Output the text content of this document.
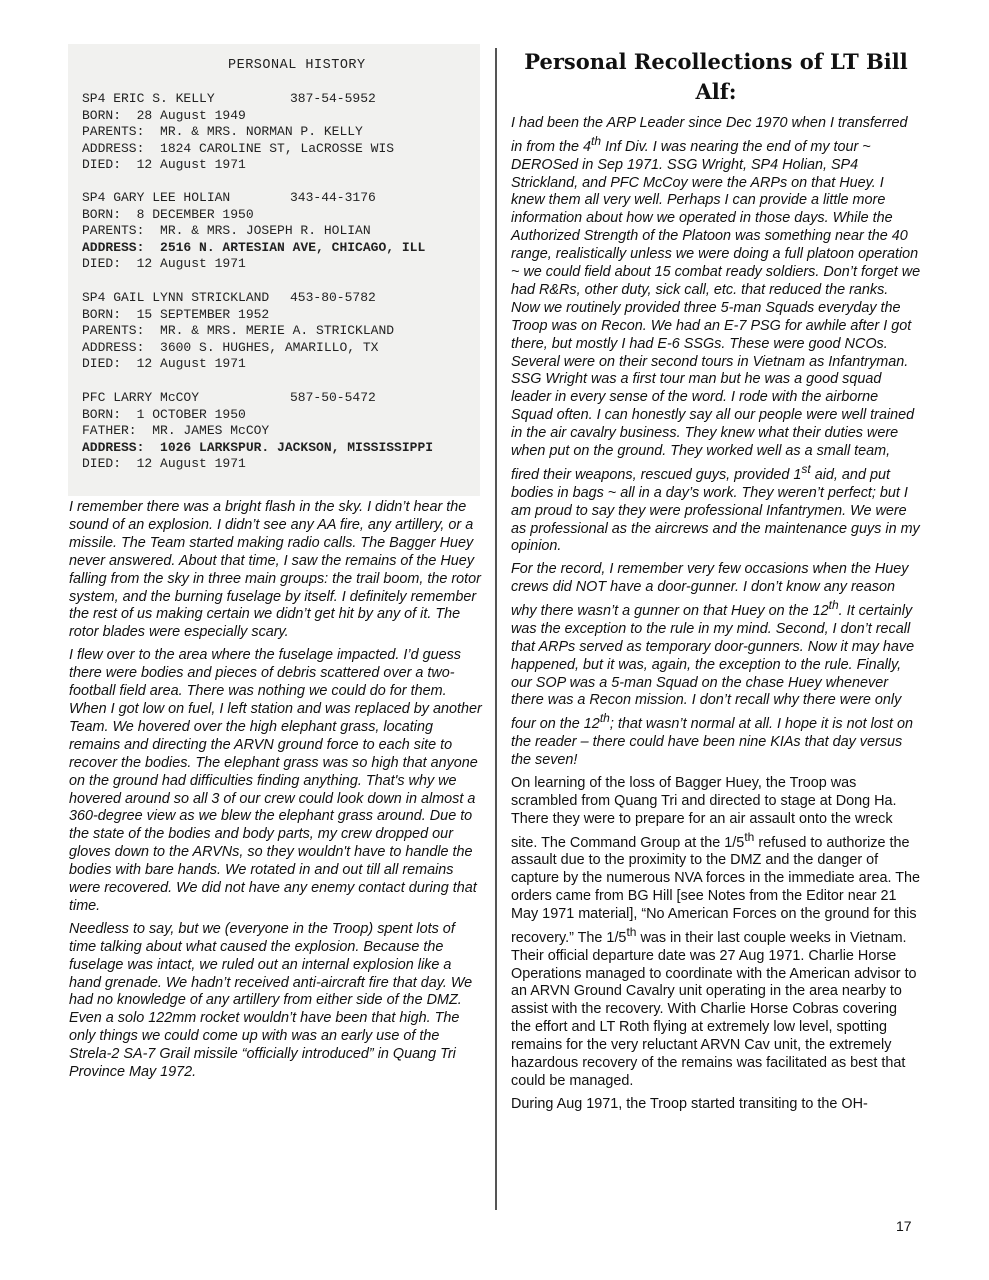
PERSONAL HISTORY
SP4 ERIC S. KELLY	387-54-5952
BORN:  28 August 1949
PARENTS:  MR. & MRS. NORMAN P. KELLY
ADDRESS:  1824 CAROLINE ST, LaCROSSE WIS
DIED:  12 August 1971
SP4 GARY LEE HOLIAN	343-44-3176
BORN:  8 DECEMBER 1950
PARENTS:  MR. & MRS. JOSEPH R. HOLIAN
ADDRESS:  2516 N. ARTESIAN AVE, CHICAGO, ILL
DIED:  12 August 1971
SP4 GAIL LYNN STRICKLAND 453-80-5782
BORN:  15 SEPTEMBER 1952
PARENTS:  MR. & MRS. MERIE A. STRICKLAND
ADDRESS:  3600 S. HUGHES, AMARILLO, TX
DIED:  12 August 1971
PFC LARRY McCOY	587-50-5472
BORN:  1 OCTOBER 1950
FATHER:  MR. JAMES McCOY
ADDRESS:  1026 LARKSPUR. JACKSON, MISSISSIPPI
DIED:  12 August 1971

I remember there was a bright flash in the sky. I didn’t hear the sound of an explosion. I didn’t see any AA fire, any artillery, or a missile. The Team started making radio calls. The Bagger Huey never answered. About that time, I saw the remains of the Huey falling from the sky in three main groups: the trail boom, the rotor system, and the burning fuselage by itself. I definitely remember the rest of us making certain we didn’t get hit by any of it. The rotor blades were especially scary.

I flew over to the area where the fuselage impacted. I’d guess there were bodies and pieces of debris scattered over a two-football field area. There was nothing we could do for them. When I got low on fuel, I left station and was replaced by another Team. We hovered over the high elephant grass, locating remains and directing the ARVN ground force to each site to recover the bodies. The elephant grass was so high that anyone on the ground had difficulties finding anything. That's why we hovered around so all 3 of our crew could look down in almost a 360-degree view as we blew the elephant grass around. Due to the state of the bodies and body parts, my crew dropped our gloves down to the ARVNs, so they wouldn't have to handle the bodies with bare hands. We rotated in and out till all remains were recovered. We did not have any enemy contact during that time.

Needless to say, but we (everyone in the Troop) spent lots of time talking about what caused the explosion. Because the fuselage was intact, we ruled out an internal explosion like a hand grenade. We hadn’t received anti-aircraft fire that day. We had no knowledge of any artillery from either side of the DMZ. Even a solo 122mm rocket wouldn’t have been that high. The only things we could come up with was an early use of the Strela-2 SA-7 Grail missile “officially introduced” in Quang Tri Province May 1972.

Personal Recollections of LT Bill Alf:

I had been the ARP Leader since Dec 1970 when I transferred in from the 4th Inf Div. I was nearing the end of my tour ~ DEROSed in Sep 1971. SSG Wright, SP4 Holian, SP4 Strickland, and PFC McCoy were the ARPs on that Huey. I knew them all very well. Perhaps I can provide a little more information about how we operated in those days. While the Authorized Strength of the Platoon was something near the 40 range, realistically unless we were doing a full platoon operation ~ we could field about 15 combat ready soldiers. Don’t forget we had R&Rs, other duty, sick call, etc. that reduced the ranks. Now we routinely provided three 5-man Squads everyday the Troop was on Recon. We had an E-7 PSG for awhile after I got there, but mostly I had E-6 SSGs. These were good NCOs. Several were on their second tours in Vietnam as Infantryman. SSG Wright was a first tour man but he was a good squad leader in every sense of the word. I rode with the airborne Squad often. I can honestly say all our people were well trained in the air cavalry business. They knew what their duties were when put on the ground. They worked well as a small team, fired their weapons, rescued guys, provided 1st aid, and put bodies in bags ~ all in a day’s work. They weren’t perfect; but I am proud to say they were professional Infantrymen. We were as professional as the aircrews and the maintenance guys in my opinion.

For the record, I remember very few occasions when the Huey crews did NOT have a door-gunner. I don’t know any reason why there wasn’t a gunner on that Huey on the 12th. It certainly was the exception to the rule in my mind. Second, I don’t recall that ARPs served as temporary door-gunners. Now it may have happened, but it was, again, the exception to the rule. Finally, our SOP was a 5-man Squad on the chase Huey whenever there was a Recon mission. I don’t recall why there were only four on the 12th; that wasn’t normal at all. I hope it is not lost on the reader – there could have been nine KIAs that day versus the seven!

On learning of the loss of Bagger Huey, the Troop was scrambled from Quang Tri and directed to stage at Dong Ha. There they were to prepare for an air assault onto the wreck site. The Command Group at the 1/5th refused to authorize the assault due to the proximity to the DMZ and the danger of capture by the numerous NVA forces in the immediate area. The orders came from BG Hill [see Notes from the Editor near 21 May 1971 material], “No American Forces on the ground for this recovery.” The 1/5th was in their last couple weeks in Vietnam. Their official departure date was 27 Aug 1971. Charlie Horse Operations managed to coordinate with the American advisor to an ARVN Ground Cavalry unit operating in the area nearby to assist with the recovery. With Charlie Horse Cobras covering the effort and LT Roth flying at extremely low level, spotting remains for the very reluctant ARVN Cav unit, the extremely hazardous recovery of the remains was facilitated as best that could be managed.

During Aug 1971, the Troop started transiting to the OH-

17
